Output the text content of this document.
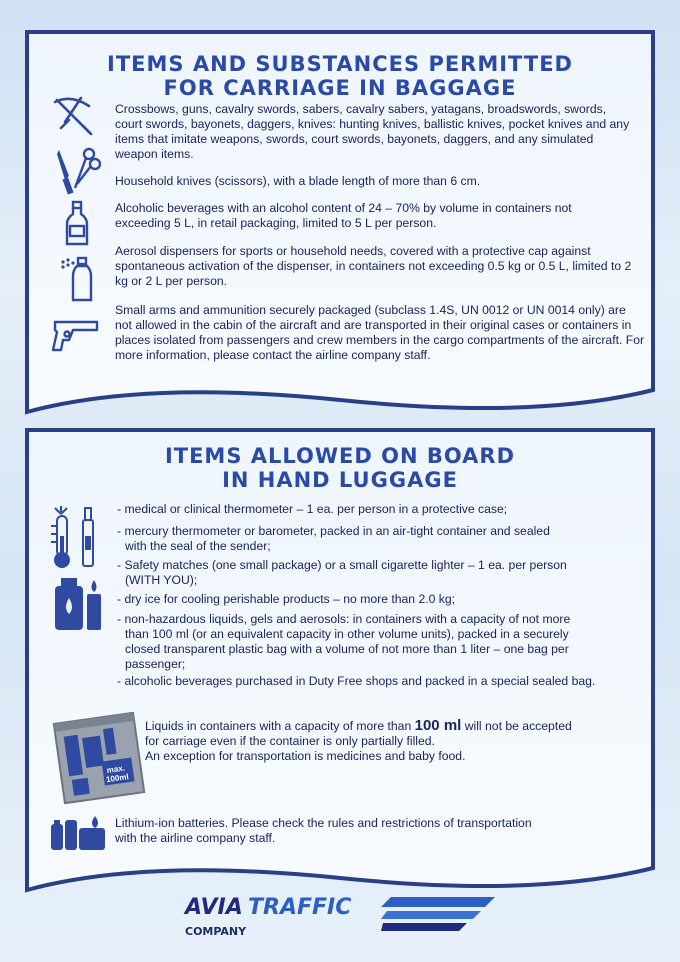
ITEMS AND SUBSTANCES PERMITTED
FOR CARRIAGE IN BAGGAGE
Crossbows, guns, cavalry swords, sabers, cavalry sabers, yatagans, broadswords, swords, court swords, bayonets, daggers, knives: hunting knives, ballistic knives, pocket knives and any items that imitate weapons, swords, court swords, bayonets, daggers, and any simulated weapon items.
Household knives (scissors), with a blade length of more than 6 cm.
Alcoholic beverages with an alcohol content of 24 – 70% by volume in containers not exceeding 5 L, in retail packaging, limited to 5 L per person.
Aerosol dispensers for sports or household needs, covered with a protective cap against spontaneous activation of the dispenser, in containers not exceeding 0.5 kg or 0.5 L, limited to 2 kg or 2 L per person.
Small arms and ammunition securely packaged (subclass 1.4S, UN 0012 or UN 0014 only) are not allowed in the cabin of the aircraft and are transported in their original cases or containers in places isolated from passengers and crew members in the cargo compartments of the aircraft. For more information, please contact the airline company staff.
ITEMS ALLOWED ON BOARD
IN HAND LUGGAGE
- medical or clinical thermometer – 1 ea. per person in a protective case;
- mercury thermometer or barometer, packed in an air-tight container and sealed
with the seal of the sender;
- Safety matches (one small package) or a small cigarette lighter – 1 ea. per person
(WITH YOU);
- dry ice for cooling perishable products – no more than 2.0 kg;
- non-hazardous liquids, gels and aerosols: in containers with a capacity of not more
than 100 ml (or an equivalent capacity in other volume units), packed in a securely
closed transparent plastic bag with a volume of not more than 1 liter – one bag per
passenger;
- alcoholic beverages purchased in Duty Free shops and packed in a special sealed bag.
max.
100ml
Liquids in containers with a capacity of more than 100 ml will not be accepted
for carriage even if the container is only partially filled.
An exception for transportation is medicines and baby food.
Lithium-ion batteries. Please check the rules and restrictions of transportation
with the airline company staff.
AVIA TRAFFIC
COMPANY
